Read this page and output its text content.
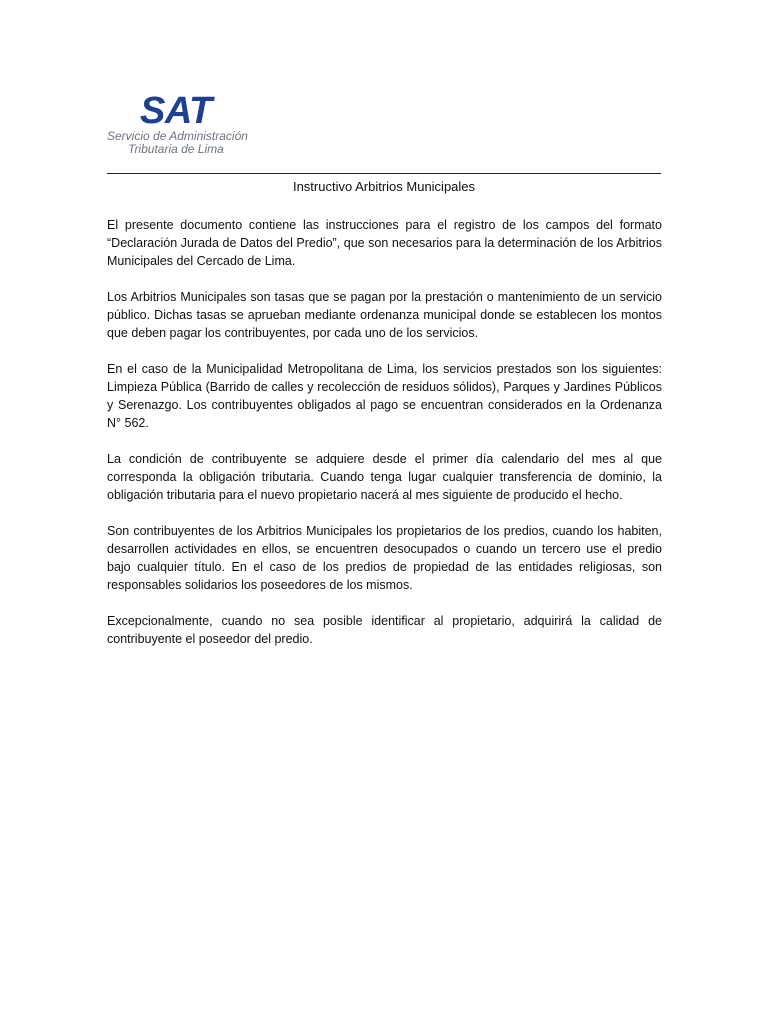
SAT
Servicio de Administración
Tributaria de Lima
Instructivo Arbitrios Municipales

El presente documento contiene las instrucciones para el registro de los campos del formato “Declaración Jurada de Datos del Predio”, que son necesarios para la determinación de los Arbitrios Municipales del Cercado de Lima.

Los Arbitrios Municipales son tasas que se pagan por la prestación o mantenimiento de un servicio público. Dichas tasas se aprueban mediante ordenanza municipal donde se establecen los montos que deben pagar los contribuyentes, por cada uno de los servicios.

En el caso de la Municipalidad Metropolitana de Lima, los servicios prestados son los siguientes: Limpieza Pública (Barrido de calles y recolección de residuos sólidos), Parques y Jardines Públicos y Serenazgo. Los contribuyentes obligados al pago se encuentran considerados en la Ordenanza N° 562.

La condición de contribuyente se adquiere desde el primer día calendario del mes al que corresponda la obligación tributaria. Cuando tenga lugar cualquier transferencia de dominio, la obligación tributaria para el nuevo propietario nacerá al mes siguiente de producido el hecho.

Son contribuyentes de los Arbitrios Municipales los propietarios de los predios, cuando los habiten, desarrollen actividades en ellos, se encuentren desocupados o cuando un tercero use el predio bajo cualquier título. En el caso de los predios de propiedad de las entidades religiosas, son responsables solidarios los poseedores de los mismos.

Excepcionalmente, cuando no sea posible identificar al propietario, adquirirá la calidad de contribuyente el poseedor del predio.
